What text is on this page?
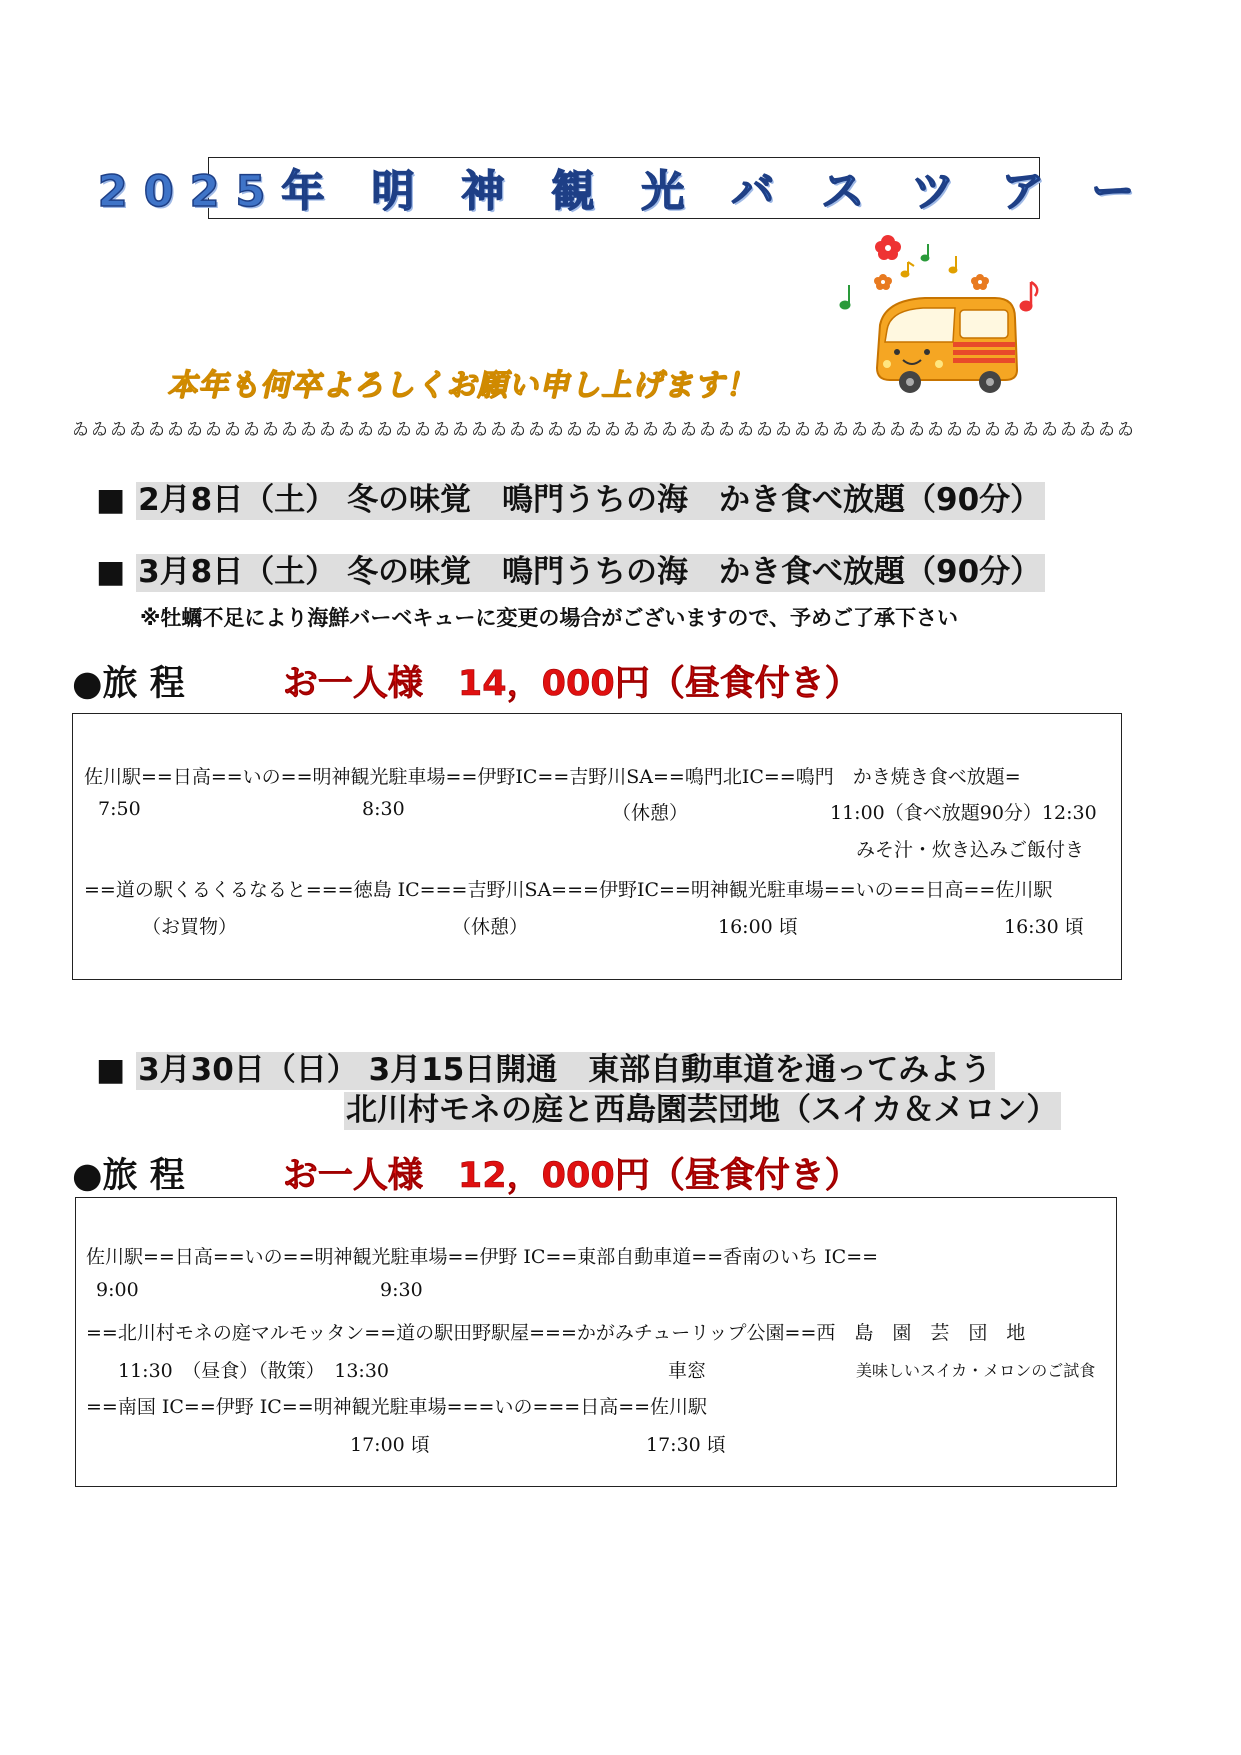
2025年 明 神 観 光 バ ス ツ ア ー
本年も何卒よろしくお願い申し上げます！
ゐゐゐゐゐゐゐゐゐゐゐゐゐゐゐゐゐゐゐゐゐゐゐゐゐゐゐゐゐゐゐゐゐゐゐゐゐゐゐゐゐゐゐゐゐゐゐゐゐゐゐゐゐゐゐゐ
■ 2月8日（土） 冬の味覚　鳴門うちの海　かき食べ放題（90分）
■ 3月8日（土） 冬の味覚　鳴門うちの海　かき食べ放題（90分）
※牡蠣不足により海鮮バーベキューに変更の場合がございますので、予めご了承下さい
●旅 程	お一人様　14，000円（昼食付き）
佐川駅==日高==いの==明神観光駐車場==伊野IC==吉野川SA==鳴門北IC==鳴門　かき焼き食べ放題=
7:50	8:30	（休憩）	11:00（食べ放題90分）12:30
みそ汁・炊き込みご飯付き
==道の駅くるくるなると===徳島 IC===吉野川SA===伊野IC==明神観光駐車場==いの==日高==佐川駅
（お買物）	（休憩）	16:00 頃	16:30 頃
■ 3月30日（日） 3月15日開通　東部自動車道を通ってみよう
北川村モネの庭と西島園芸団地（スイカ＆メロン）
●旅 程	お一人様　12，000円（昼食付き）
佐川駅==日高==いの==明神観光駐車場==伊野 IC==東部自動車道==香南のいち IC==
9:00	9:30
==北川村モネの庭マルモッタン==道の駅田野駅屋===かがみチューリップ公園==西　島　園　芸　団　地
11:30　（昼食）（散策）　13:30	車窓	美味しいスイカ・メロンのご試食
==南国 IC==伊野 IC==明神観光駐車場===いの===日高==佐川駅
17:00 頃	17:30 頃
